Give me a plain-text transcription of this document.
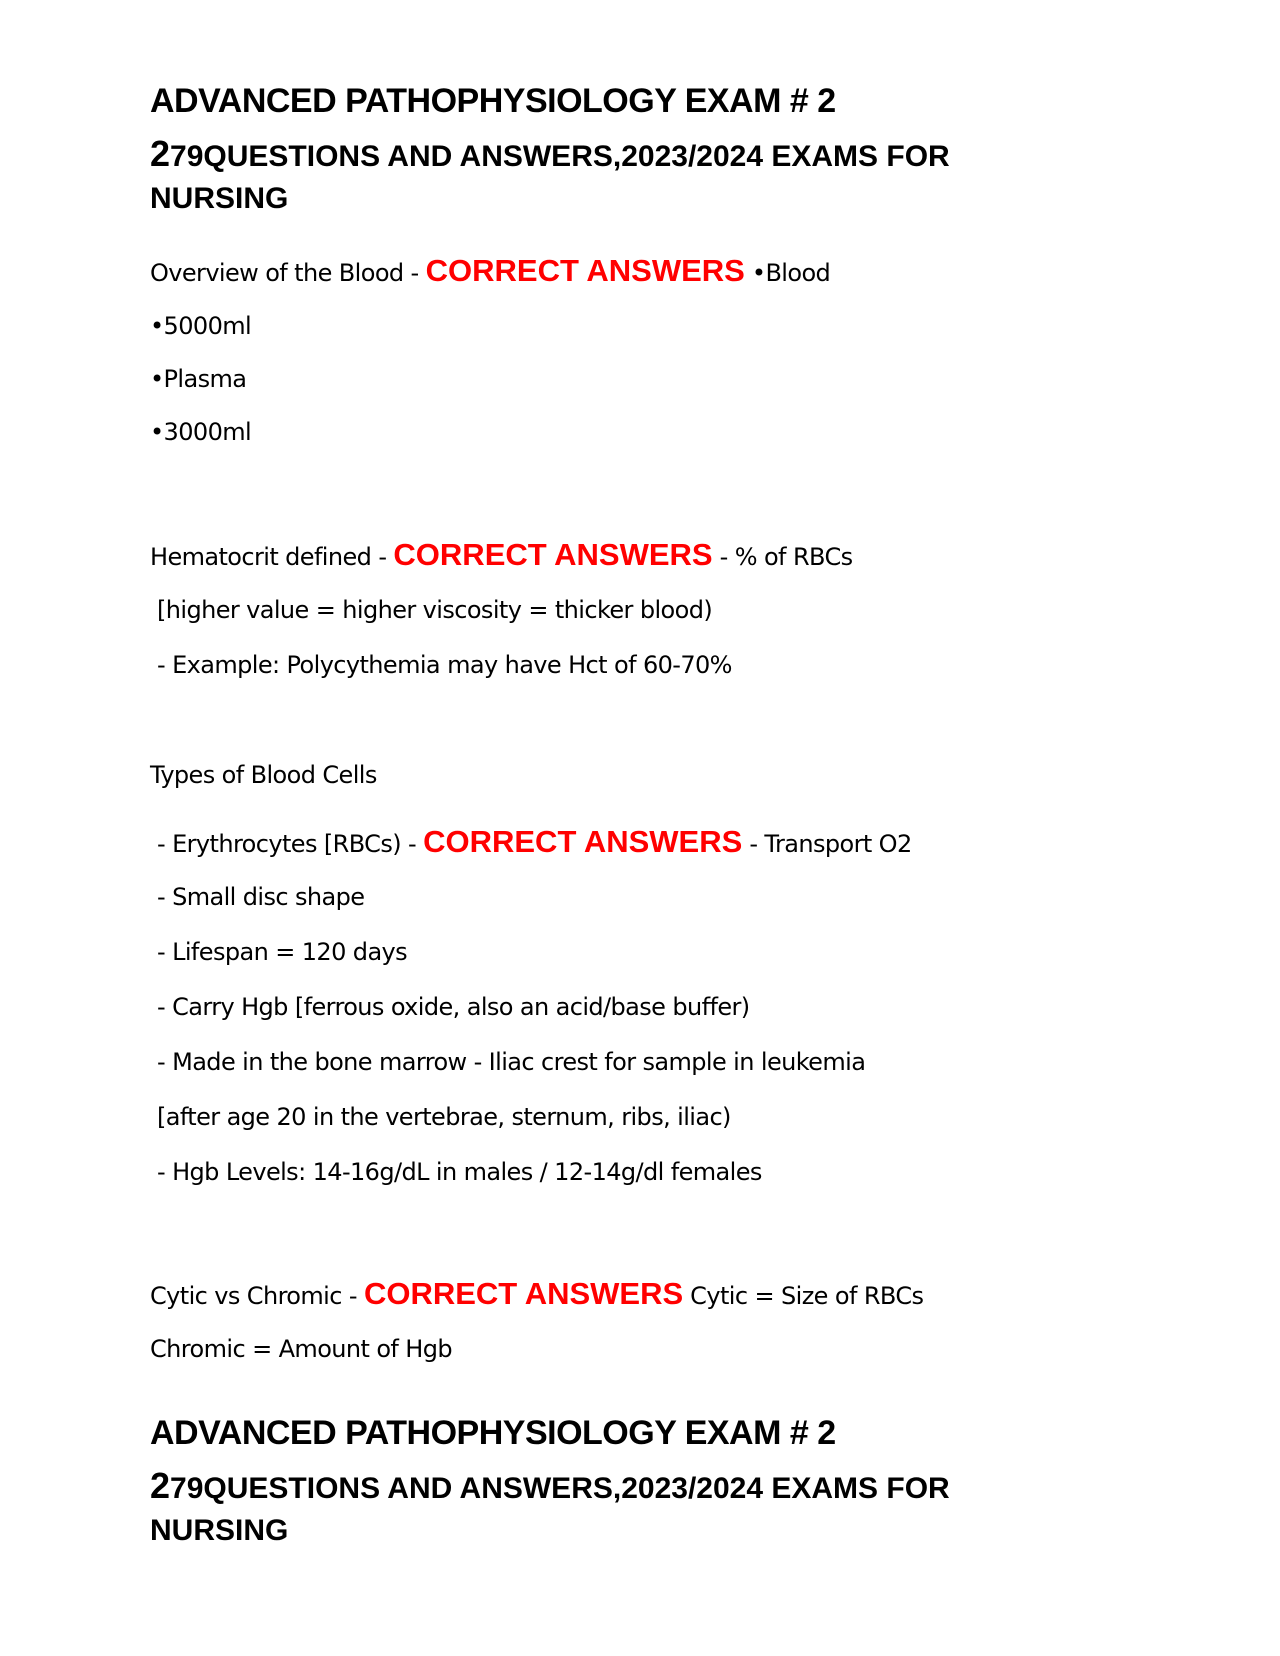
ADVANCED PATHOPHYSIOLOGY EXAM # 2
279QUESTIONS AND ANSWERS,2023/2024 EXAMS FOR NURSING
Overview of the Blood - CORRECT ANSWERS •Blood
•5000ml
•Plasma
•3000ml
Hematocrit defined - CORRECT ANSWERS - % of RBCs
[higher value = higher viscosity = thicker blood)
- Example: Polycythemia may have Hct of 60-70%
Types of Blood Cells
- Erythrocytes [RBCs) - CORRECT ANSWERS - Transport O2
- Small disc shape
- Lifespan = 120 days
- Carry Hgb [ferrous oxide, also an acid/base buffer)
- Made in the bone marrow - Iliac crest for sample in leukemia
[after age 20 in the vertebrae, sternum, ribs, iliac)
- Hgb Levels: 14-16g/dL in males / 12-14g/dl females
Cytic vs Chromic - CORRECT ANSWERS Cytic = Size of RBCs
Chromic = Amount of Hgb
ADVANCED PATHOPHYSIOLOGY EXAM # 2
279QUESTIONS AND ANSWERS,2023/2024 EXAMS FOR NURSING
